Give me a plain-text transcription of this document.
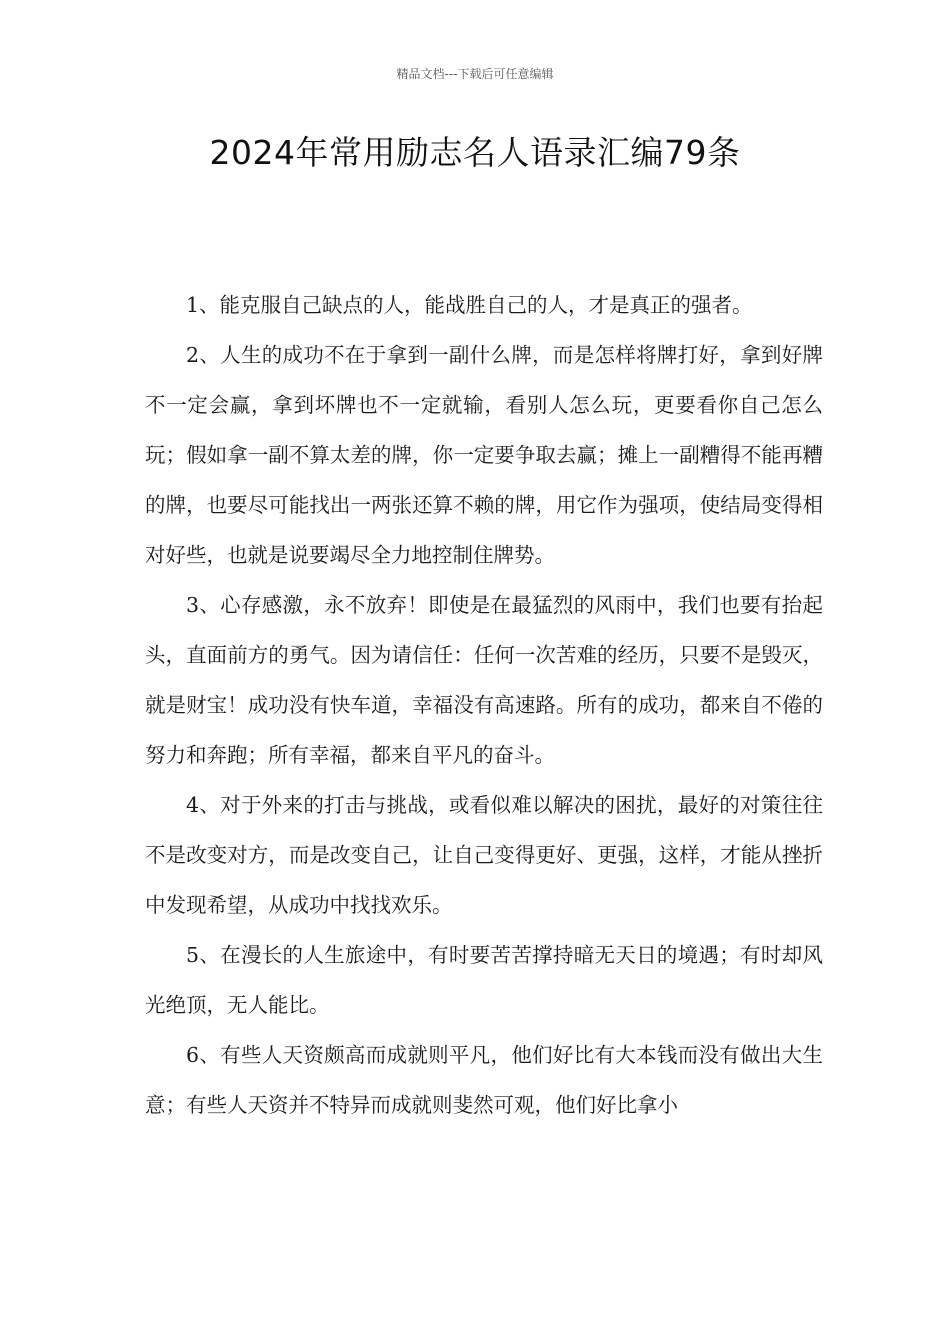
精品文档---下载后可任意编辑
2024年常用励志名人语录汇编79条

1、能克服自己缺点的人，能战胜自己的人，才是真正的强者。

2、人生的成功不在于拿到一副什么牌，而是怎样将牌打好，拿到好牌不一定会赢，拿到坏牌也不一定就输，看别人怎么玩，更要看你自己怎么玩；假如拿一副不算太差的牌，你一定要争取去赢；摊上一副糟得不能再糟的牌，也要尽可能找出一两张还算不赖的牌，用它作为强项，使结局变得相对好些，也就是说要竭尽全力地控制住牌势。

3、心存感激，永不放弃！即使是在最猛烈的风雨中，我们也要有抬起头，直面前方的勇气。因为请信任：任何一次苦难的经历，只要不是毁灭，就是财宝！成功没有快车道，幸福没有高速路。所有的成功，都来自不倦的努力和奔跑；所有幸福，都来自平凡的奋斗。

4、对于外来的打击与挑战，或看似难以解决的困扰，最好的对策往往不是改变对方，而是改变自己，让自己变得更好、更强，这样，才能从挫折中发现希望，从成功中找找欢乐。

5、在漫长的人生旅途中，有时要苦苦撑持暗无天日的境遇；有时却风光绝顶，无人能比。

6、有些人天资颇高而成就则平凡，他们好比有大本钱而没有做出大生意；有些人天资并不特异而成就则斐然可观，他们好比拿小
